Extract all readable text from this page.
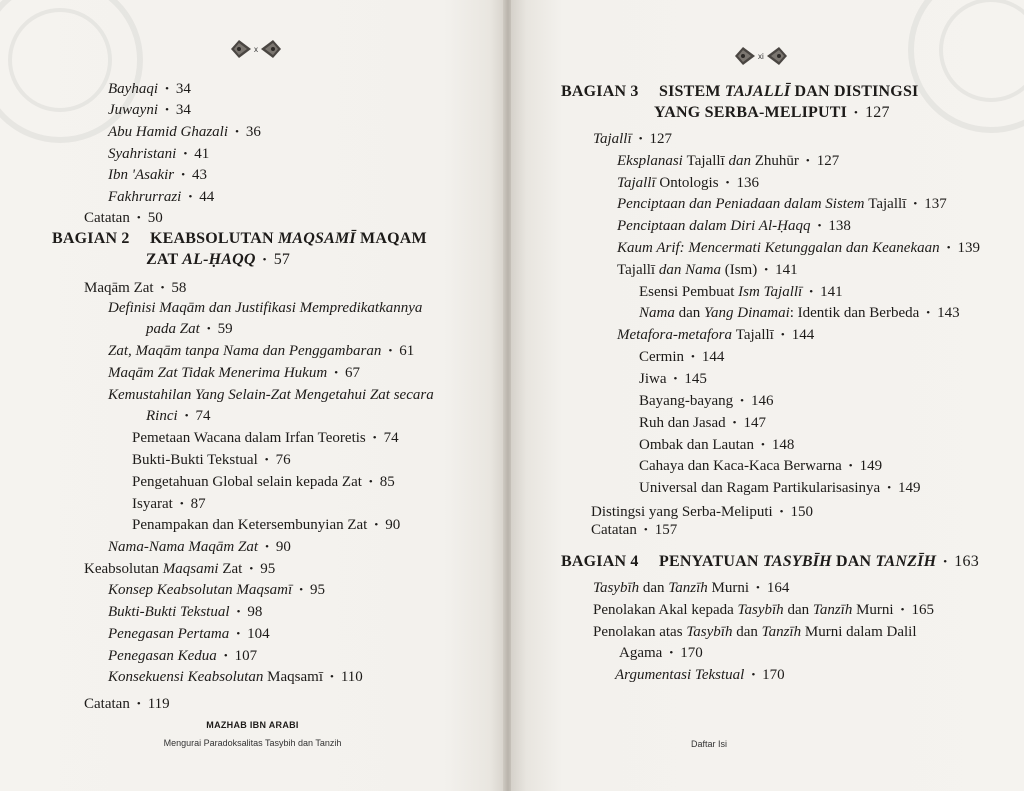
x
Bayhaqi • 34
Juwayni • 34
Abu Hamid Ghazali • 36
Syahristani • 41
Ibn 'Asakir • 43
Fakhrurrazi • 44
Catatan • 50
BAGIAN 2 KEABSOLUTAN MAQSAMĪ MAQAM
ZAT AL-ḤAQQ • 57
Maqām Zat • 58
Definisi Maqām dan Justifikasi Mempredikatkannya
pada Zat • 59
Zat, Maqām tanpa Nama dan Penggambaran • 61
Maqām Zat Tidak Menerima Hukum • 67
Kemustahilan Yang Selain-Zat Mengetahui Zat secara
Rinci • 74
Pemetaan Wacana dalam Irfan Teoretis • 74
Bukti-Bukti Tekstual • 76
Pengetahuan Global selain kepada Zat • 85
Isyarat • 87
Penampakan dan Ketersembunyian Zat • 90
Nama-Nama Maqām Zat • 90
Keabsolutan Maqsami Zat • 95
Konsep Keabsolutan Maqsamī • 95
Bukti-Bukti Tekstual • 98
Penegasan Pertama • 104
Penegasan Kedua • 107
Konsekuensi Keabsolutan Maqsamī • 110
Catatan • 119
MAZHAB IBN ARABI
Mengurai Paradoksalitas Tasybih dan Tanzih
xi
BAGIAN 3 SISTEM TAJALLĪ DAN DISTINGSI
YANG SERBA-MELIPUTI • 127
Tajallī • 127
Eksplanasi Tajallī dan Zhuhūr • 127
Tajallī Ontologis • 136
Penciptaan dan Peniadaan dalam Sistem Tajallī • 137
Penciptaan dalam Diri Al-Ḥaqq • 138
Kaum Arif: Mencermati Ketunggalan dan Keanekaan • 139
Tajallī dan Nama (Ism) • 141
Esensi Pembuat Ism Tajallī • 141
Nama dan Yang Dinamai: Identik dan Berbeda • 143
Metafora-metafora Tajallī • 144
Cermin • 144
Jiwa • 145
Bayang-bayang • 146
Ruh dan Jasad • 147
Ombak dan Lautan • 148
Cahaya dan Kaca-Kaca Berwarna • 149
Universal dan Ragam Partikularisasinya • 149
Distingsi yang Serba-Meliputi • 150
Catatan • 157
BAGIAN 4 PENYATUAN TASYBĪH DAN TANZĪH • 163
Tasybīh dan Tanzīh Murni • 164
Penolakan Akal kepada Tasybīh dan Tanzīh Murni • 165
Penolakan atas Tasybīh dan Tanzīh Murni dalam Dalil
Agama • 170
Argumentasi Tekstual • 170
Daftar Isi
